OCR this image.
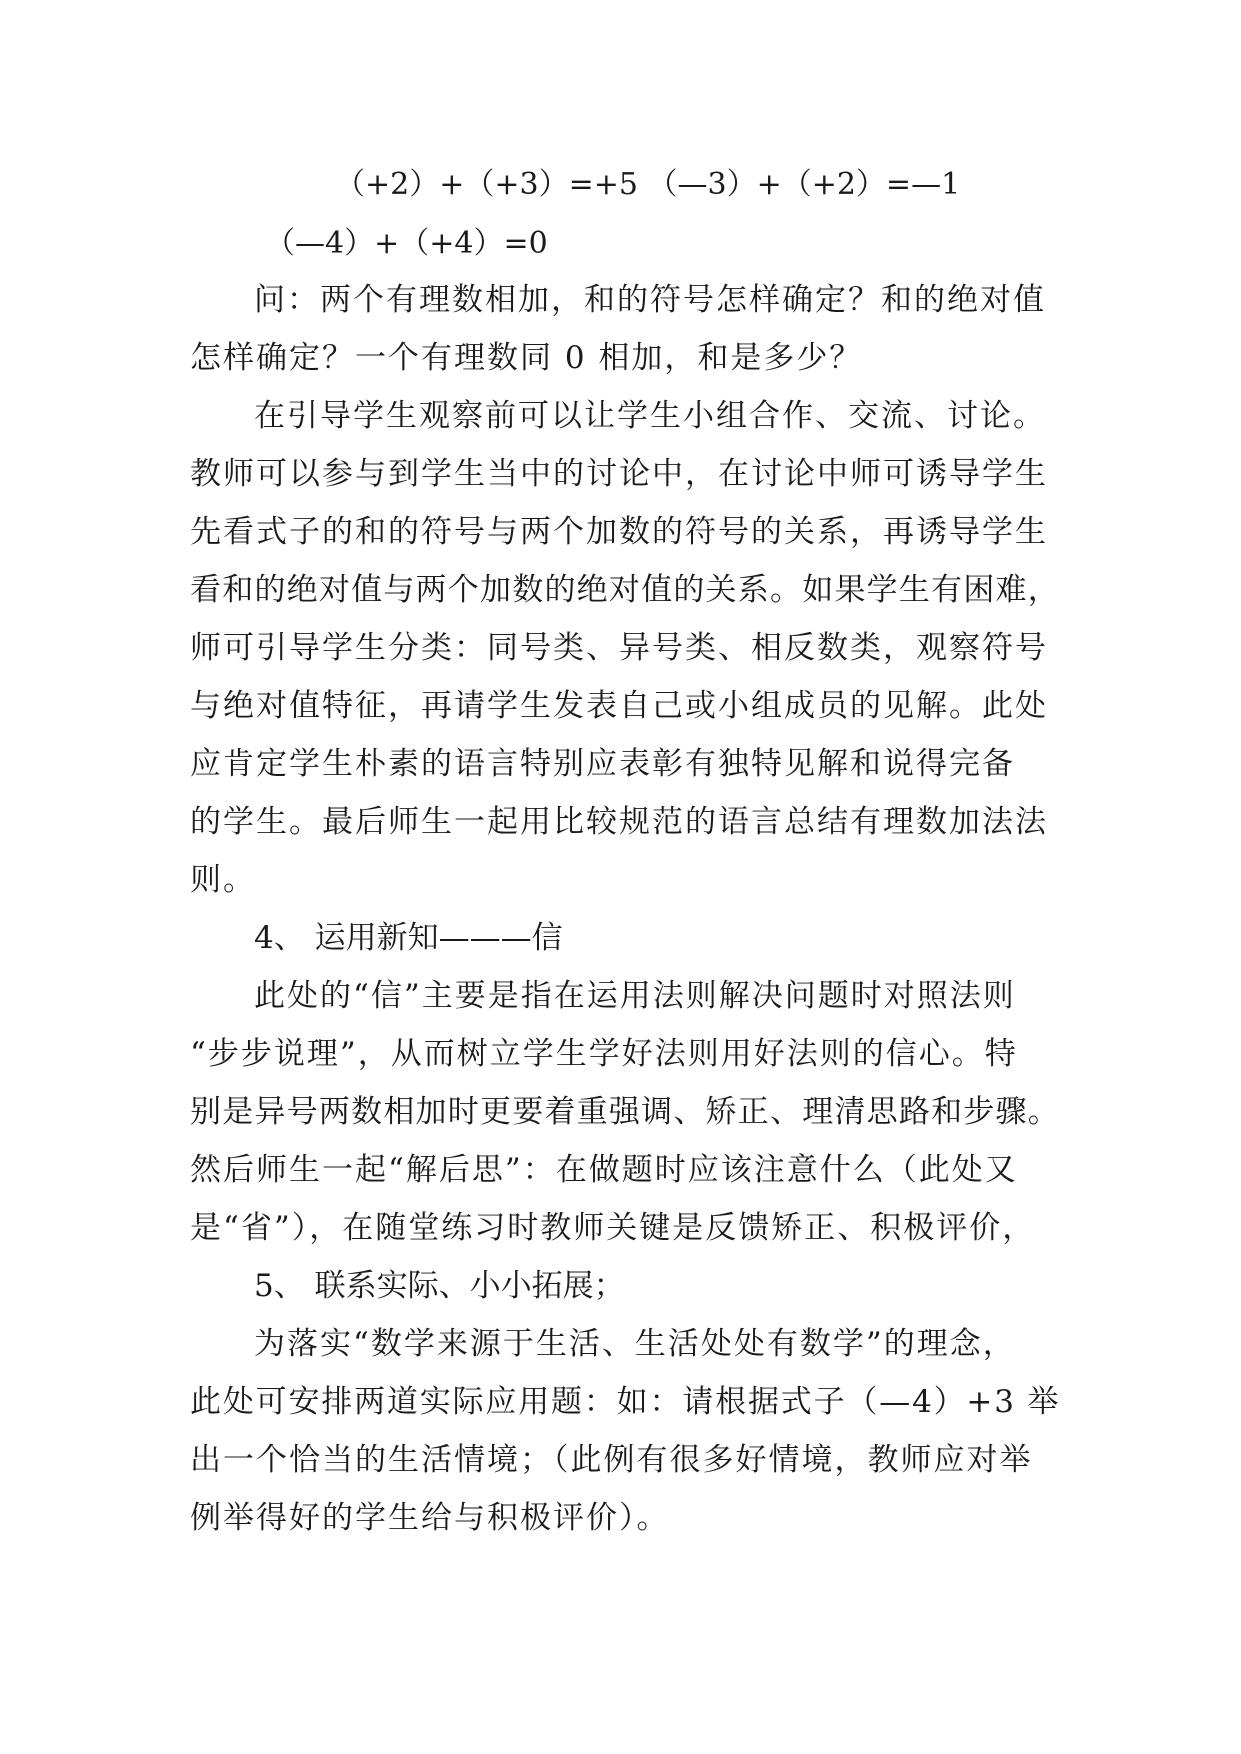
（+2）+（+3）=+5 （—3）+（+2）=—1
（—4）+（+4）=0
问：两个有理数相加，和的符号怎样确定？和的绝对值
怎样确定？一个有理数同 0 相加，和是多少？
在引导学生观察前可以让学生小组合作、交流、讨论。
教师可以参与到学生当中的讨论中，在讨论中师可诱导学生
先看式子的和的符号与两个加数的符号的关系，再诱导学生
看和的绝对值与两个加数的绝对值的关系。如果学生有困难，
师可引导学生分类：同号类、异号类、相反数类，观察符号
与绝对值特征，再请学生发表自己或小组成员的见解。此处
应肯定学生朴素的语言特别应表彰有独特见解和说得完备
的学生。最后师生一起用比较规范的语言总结有理数加法法
则。
4、 运用新知———信
此处的“信”主要是指在运用法则解决问题时对照法则
“步步说理”，从而树立学生学好法则用好法则的信心。特
别是异号两数相加时更要着重强调、矫正、理清思路和步骤。
然后师生一起“解后思”：在做题时应该注意什么（此处又
是“省”），在随堂练习时教师关键是反馈矫正、积极评价，
5、 联系实际、小小拓展；
为落实“数学来源于生活、生活处处有数学”的理念，
此处可安排两道实际应用题：如：请根据式子（—4）+3 举
出一个恰当的生活情境；（此例有很多好情境，教师应对举
例举得好的学生给与积极评价）。
